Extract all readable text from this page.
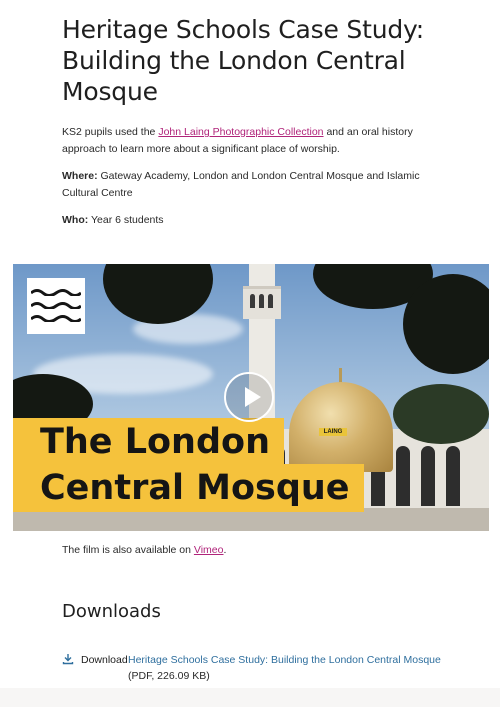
Heritage Schools Case Study: Building the London Central Mosque

KS2 pupils used the John Laing Photographic Collection and an oral history approach to learn more about a significant place of worship.

Where: Gateway Academy, London and London Central Mosque and Islamic Cultural Centre

Who: Year 6 students

LAING
The London
Central Mosque

The film is also available on Vimeo.

Downloads
Download Heritage Schools Case Study: Building the London Central Mosque
(PDF, 226.09 KB)
